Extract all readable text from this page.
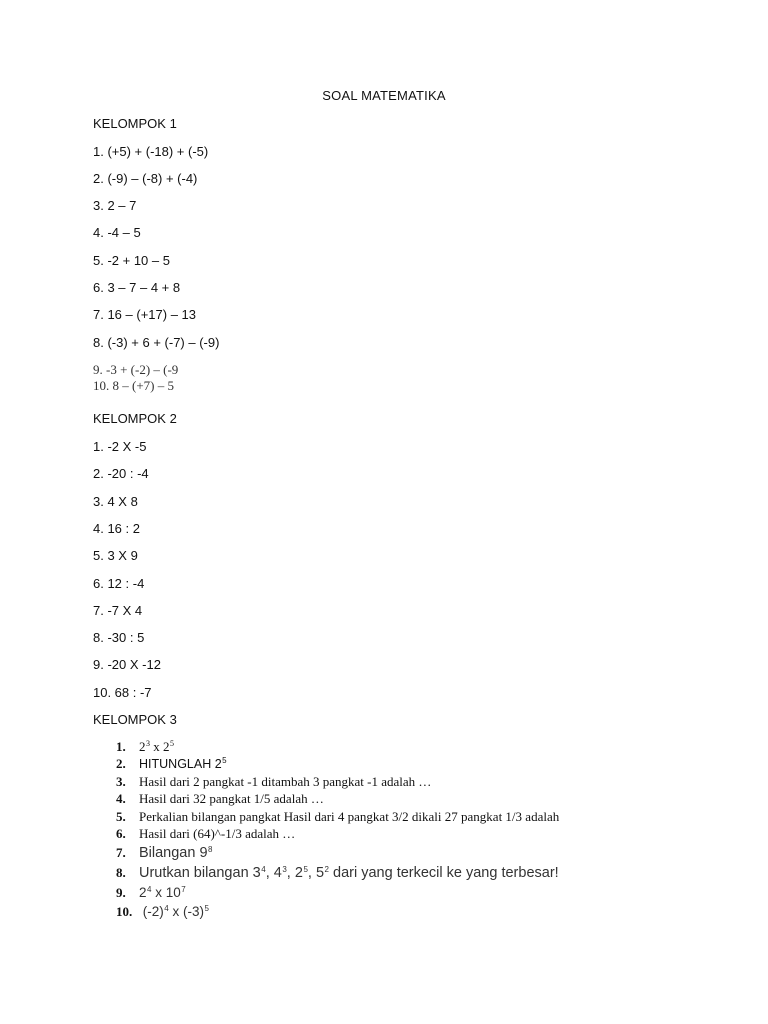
SOAL MATEMATIKA
KELOMPOK 1
1. (+5) + (-18) + (-5)
2. (-9) – (-8) + (-4)
3. 2 – 7
4. -4 – 5
5. -2 + 10 – 5
6. 3 – 7 – 4 + 8
7. 16 – (+17) – 13
8. (-3) + 6 + (-7) – (-9)
9. -3 + (-2) – (-9
10. 8 – (+7) – 5
KELOMPOK 2
1. -2 X -5
2. -20 : -4
3. 4 X 8
4. 16 : 2
5. 3 X 9
6. 12 : -4
7. -7 X 4
8. -30 : 5
9. -20 X -12
10. 68 : -7
KELOMPOK 3
1. $2^3$ x $2^5$
2. HITUNGLAH $2^5$
3. Hasil dari 2 pangkat -1 ditambah 3 pangkat -1 adalah …
4. Hasil dari 32 pangkat 1/5 adalah …
5. Perkalian bilangan pangkat Hasil dari 4 pangkat 3/2 dikali 27 pangkat 1/3 adalah
6. Hasil dari (64)^-1/3 adalah …
7. Bilangan $9^8$
8. Urutkan bilangan $3^4$, $4^3$, $2^5$, $5^2$ dari yang terkecil ke yang terbesar!
9. $2^4$ x $10^7$
10. $(-2)^4$ x $(-3)^5$
